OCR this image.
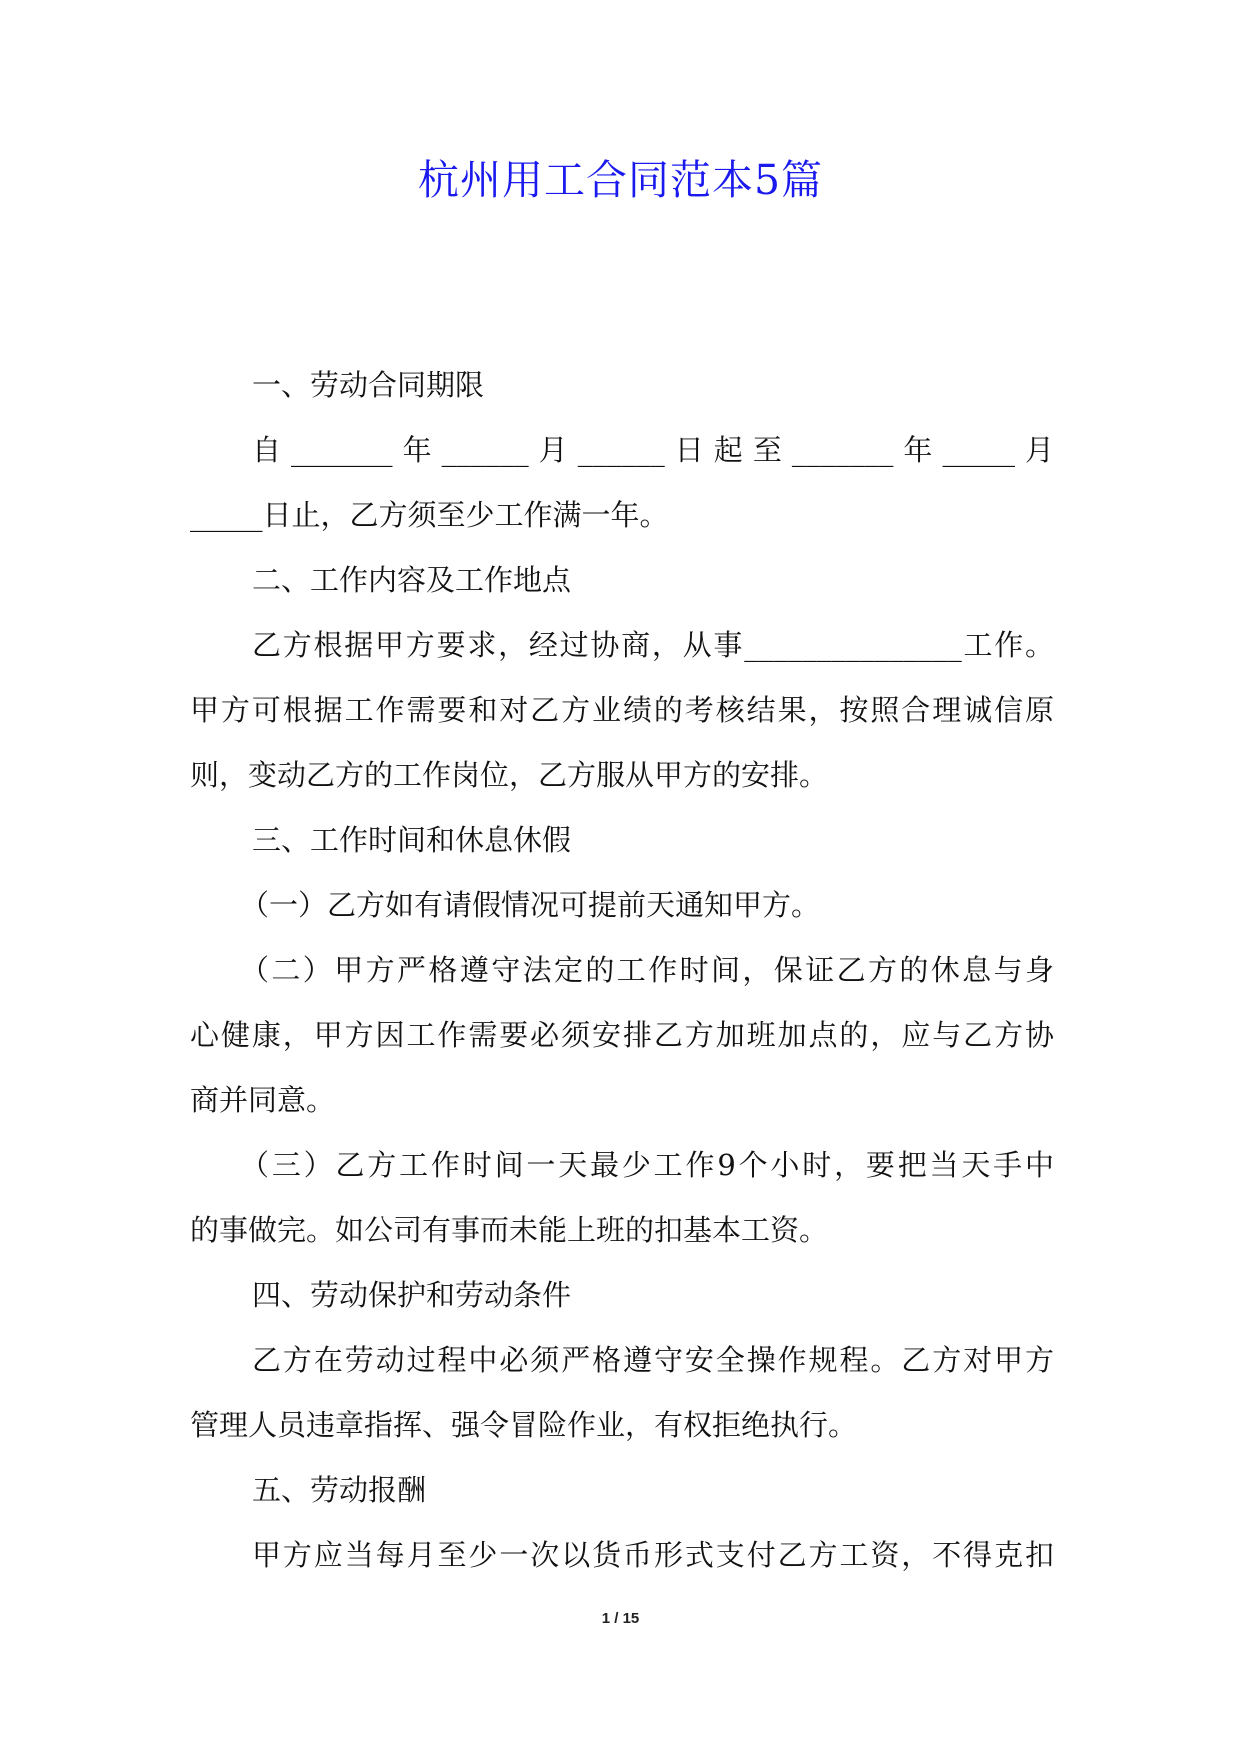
杭州用工合同范本5篇
一、劳动合同期限
自_______年______月______日起至_______年_____月
_____日止，乙方须至少工作满一年。
二、工作内容及工作地点
乙方根据甲方要求，经过协商，从事_______________工作。
甲方可根据工作需要和对乙方业绩的考核结果，按照合理诚信原
则，变动乙方的工作岗位，乙方服从甲方的安排。
三、工作时间和休息休假
（一）乙方如有请假情况可提前天通知甲方。
（二）甲方严格遵守法定的工作时间，保证乙方的休息与身
心健康，甲方因工作需要必须安排乙方加班加点的，应与乙方协
商并同意。
（三）乙方工作时间一天最少工作9个小时，要把当天手中
的事做完。如公司有事而未能上班的扣基本工资。
四、劳动保护和劳动条件
乙方在劳动过程中必须严格遵守安全操作规程。乙方对甲方
管理人员违章指挥、强令冒险作业，有权拒绝执行。
五、劳动报酬
甲方应当每月至少一次以货币形式支付乙方工资，不得克扣
1 / 15
